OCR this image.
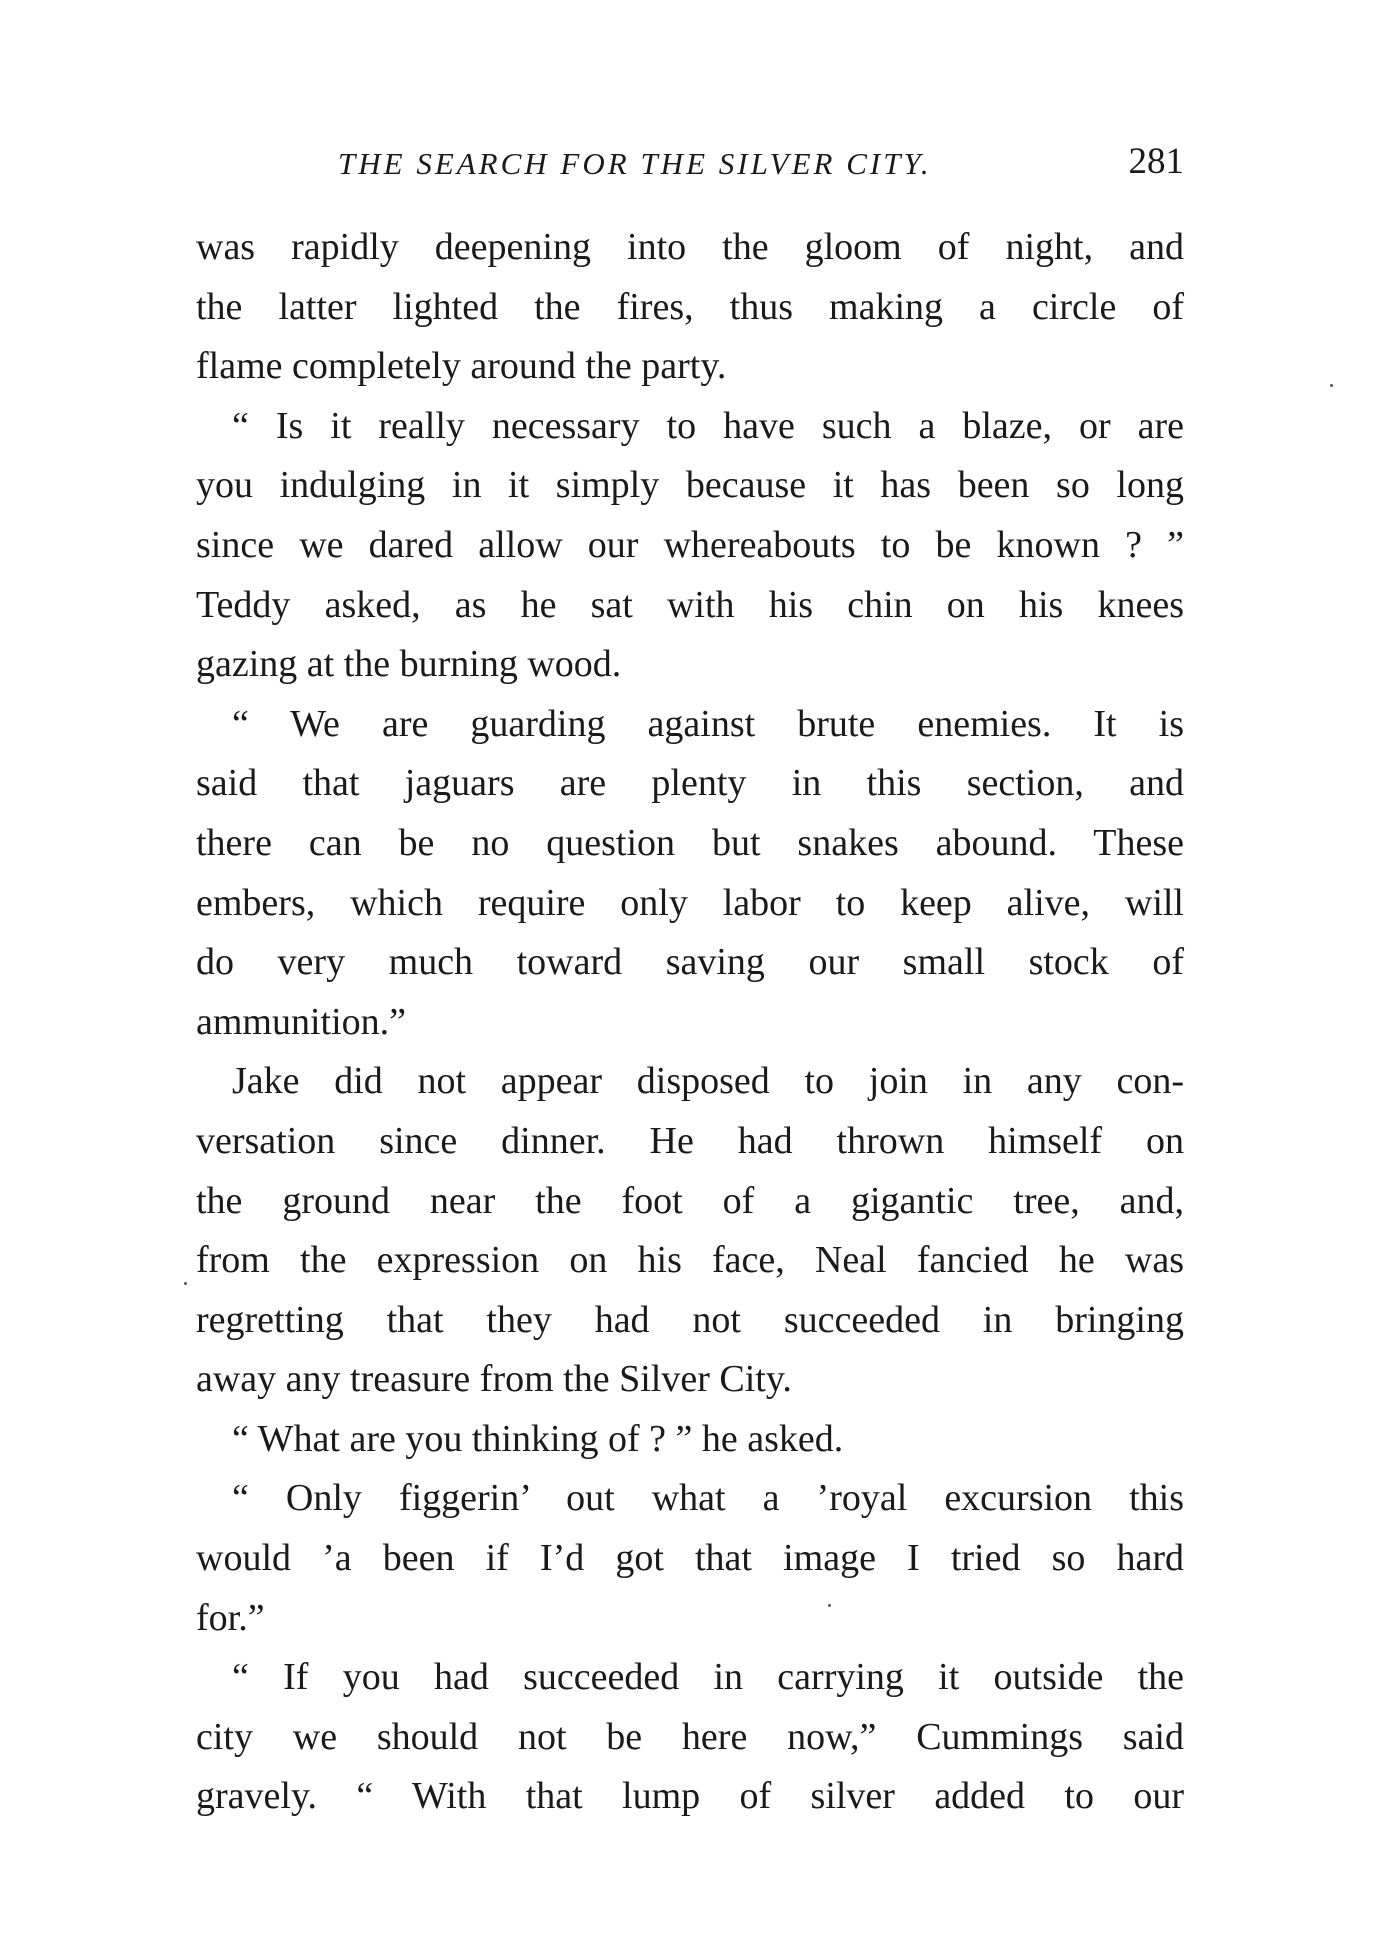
THE SEARCH FOR THE SILVER CITY.	281
was rapidly deepening into the gloom of night, and
the latter lighted the fires, thus making a circle of
flame completely around the party.
“ Is it really necessary to have such a blaze, or are
you indulging in it simply because it has been so long
since we dared allow our whereabouts to be known ? ”
Teddy asked, as he sat with his chin on his knees
gazing at the burning wood.
“ We are guarding against brute enemies. It is
said that jaguars are plenty in this section, and
there can be no question but snakes abound. These
embers, which require only labor to keep alive, will
do very much toward saving our small stock of
ammunition.”
Jake did not appear disposed to join in any con-
versation since dinner. He had thrown himself on
the ground near the foot of a gigantic tree, and,
from the expression on his face, Neal fancied he was
regretting that they had not succeeded in bringing
away any treasure from the Silver City.
“ What are you thinking of ? ” he asked.
“ Only figgerin’ out what a ’royal excursion this
would ’a been if I’d got that image I tried so hard
for.”
“ If you had succeeded in carrying it outside the
city we should not be here now,” Cummings said
gravely. “ With that lump of silver added to our
